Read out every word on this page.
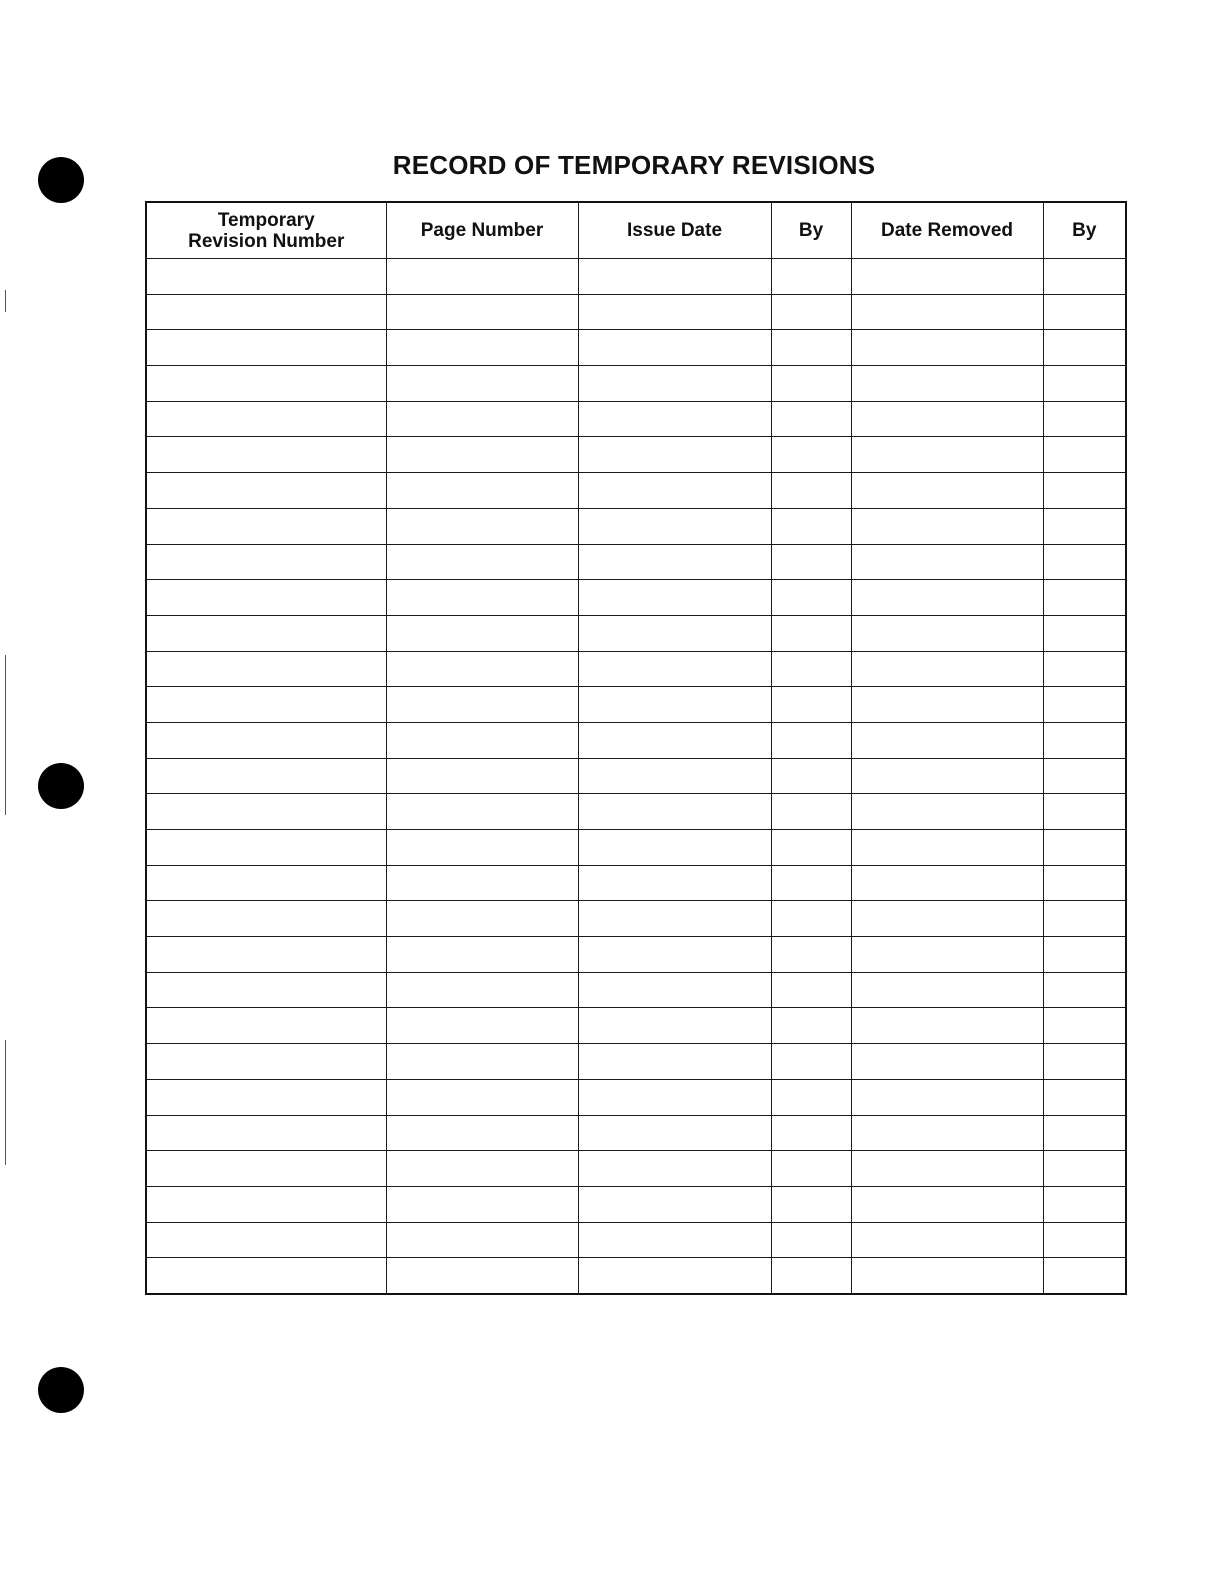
RECORD OF TEMPORARY REVISIONS
Temporary Revision Number	Page Number	Issue Date	By	Date Removed	By
